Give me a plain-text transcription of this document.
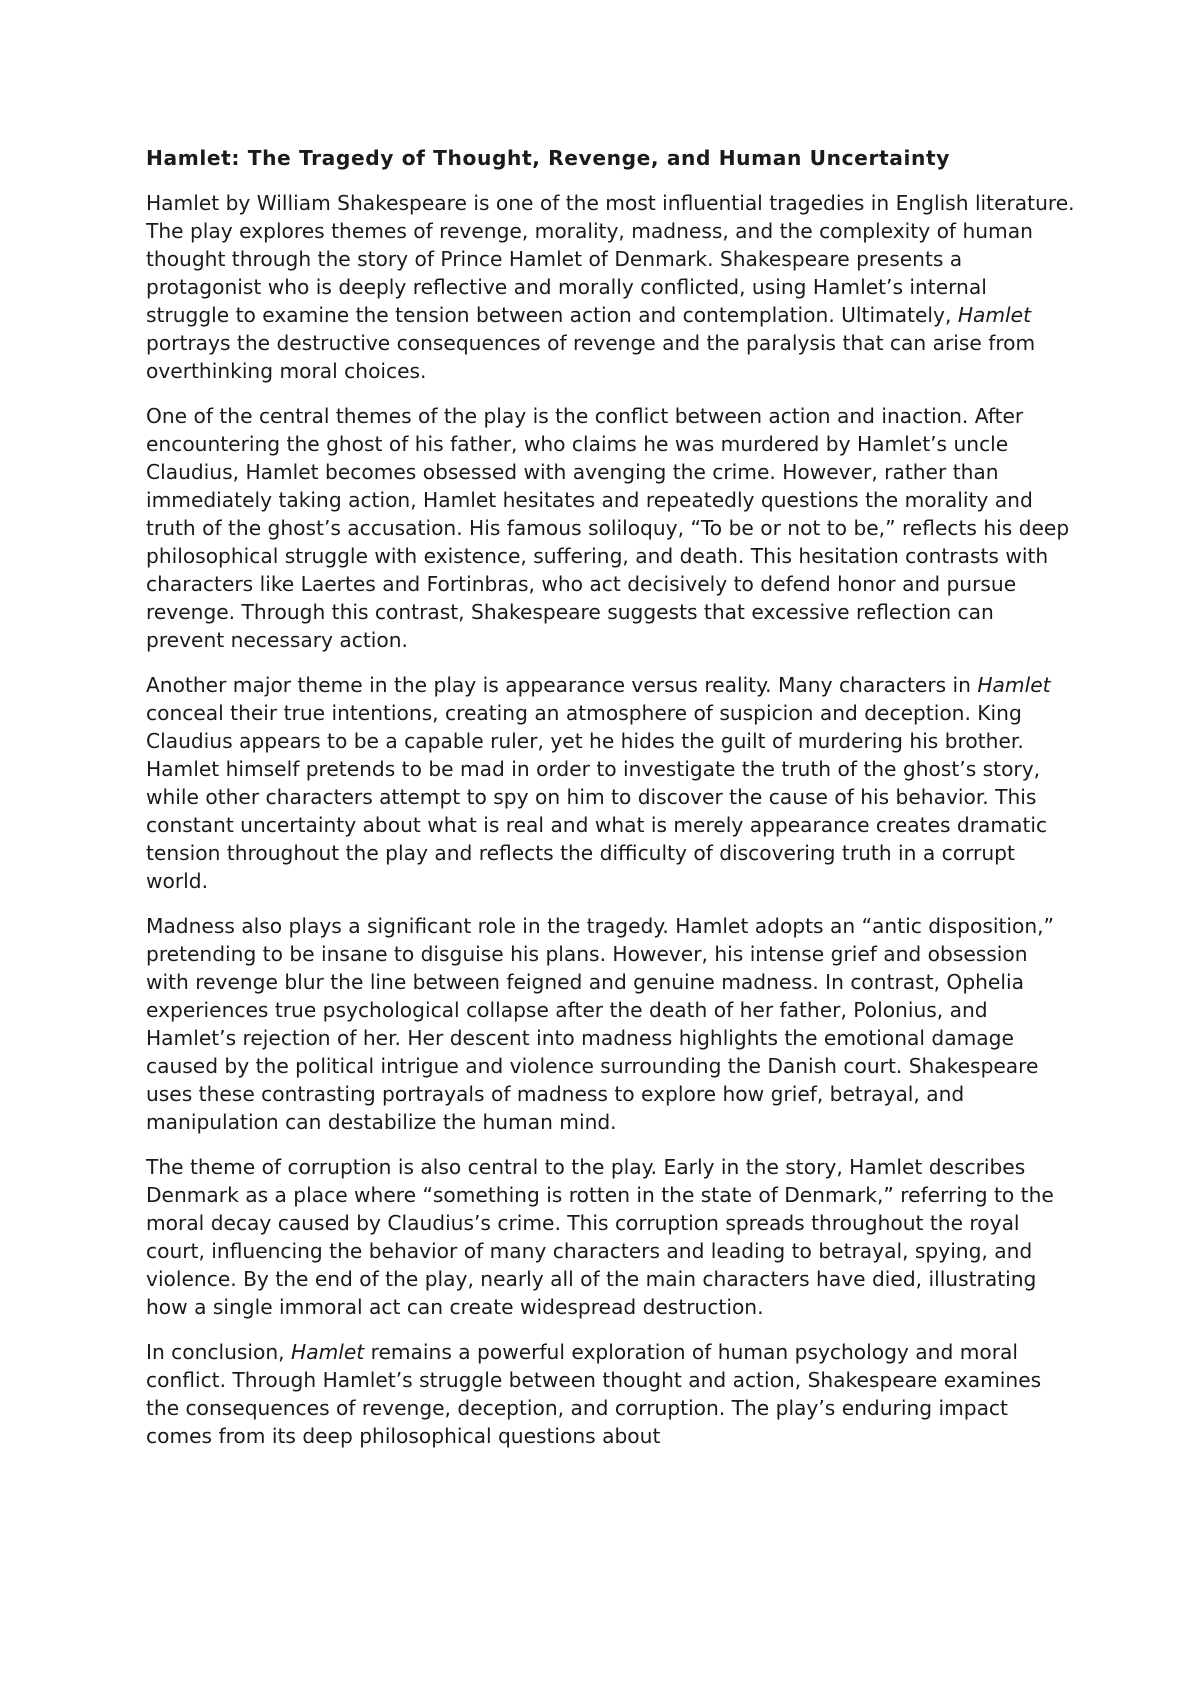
Hamlet: The Tragedy of Thought, Revenge, and Human Uncertainty

Hamlet by William Shakespeare is one of the most influential tragedies in English literature. The play explores themes of revenge, morality, madness, and the complexity of human thought through the story of Prince Hamlet of Denmark. Shakespeare presents a protagonist who is deeply reflective and morally conflicted, using Hamlet’s internal struggle to examine the tension between action and contemplation. Ultimately, Hamlet portrays the destructive consequences of revenge and the paralysis that can arise from overthinking moral choices.

One of the central themes of the play is the conflict between action and inaction. After encountering the ghost of his father, who claims he was murdered by Hamlet’s uncle Claudius, Hamlet becomes obsessed with avenging the crime. However, rather than immediately taking action, Hamlet hesitates and repeatedly questions the morality and truth of the ghost’s accusation. His famous soliloquy, “To be or not to be,” reflects his deep philosophical struggle with existence, suffering, and death. This hesitation contrasts with characters like Laertes and Fortinbras, who act decisively to defend honor and pursue revenge. Through this contrast, Shakespeare suggests that excessive reflection can prevent necessary action.

Another major theme in the play is appearance versus reality. Many characters in Hamlet conceal their true intentions, creating an atmosphere of suspicion and deception. King Claudius appears to be a capable ruler, yet he hides the guilt of murdering his brother. Hamlet himself pretends to be mad in order to investigate the truth of the ghost’s story, while other characters attempt to spy on him to discover the cause of his behavior. This constant uncertainty about what is real and what is merely appearance creates dramatic tension throughout the play and reflects the difficulty of discovering truth in a corrupt world.

Madness also plays a significant role in the tragedy. Hamlet adopts an “antic disposition,” pretending to be insane to disguise his plans. However, his intense grief and obsession with revenge blur the line between feigned and genuine madness. In contrast, Ophelia experiences true psychological collapse after the death of her father, Polonius, and Hamlet’s rejection of her. Her descent into madness highlights the emotional damage caused by the political intrigue and violence surrounding the Danish court. Shakespeare uses these contrasting portrayals of madness to explore how grief, betrayal, and manipulation can destabilize the human mind.

The theme of corruption is also central to the play. Early in the story, Hamlet describes Denmark as a place where “something is rotten in the state of Denmark,” referring to the moral decay caused by Claudius’s crime. This corruption spreads throughout the royal court, influencing the behavior of many characters and leading to betrayal, spying, and violence. By the end of the play, nearly all of the main characters have died, illustrating how a single immoral act can create widespread destruction.

In conclusion, Hamlet remains a powerful exploration of human psychology and moral conflict. Through Hamlet’s struggle between thought and action, Shakespeare examines the consequences of revenge, deception, and corruption. The play’s enduring impact comes from its deep philosophical questions about
